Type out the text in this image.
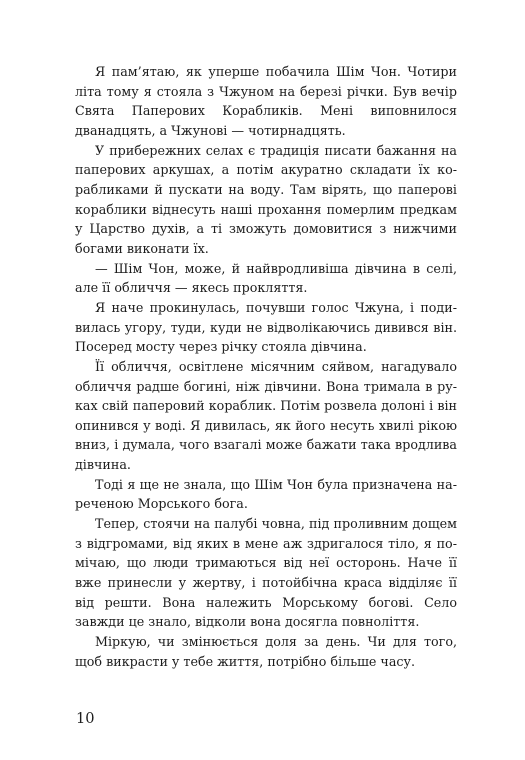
Я пам’ятаю, як уперше побачила Шім Чон. Чотири літа тому я стояла з Чжуном на березі річки. Був вечір Свята Паперових Корабликів. Мені виповнилося дванадцять, а Чжунові — чотирнадцять.

У прибережних селах є традиція писати бажання на паперових аркушах, а потім акуратно складати їх корабликами й пускати на воду. Там вірять, що паперові кораблики віднесуть наші прохання померлим предкам у Царство духів, а ті зможуть домовитися з нижчими богами виконати їх.

— Шім Чон, може, й найвродливіша дівчина в селі, але її обличчя — якесь прокляття.

Я наче прокинулась, почувши голос Чжуна, і подивилась угору, туди, куди не відволікаючись дивився він. Посеред мосту через річку стояла дівчина.

Її обличчя, освітлене місячним сяйвом, нагадувало обличчя радше богині, ніж дівчини. Вона тримала в руках свій паперовий кораблик. Потім розвела долоні і він опинився у воді. Я дивилась, як його несуть хвилі рікою вниз, і думала, чого взагалі може бажати така вродлива дівчина.

Тоді я ще не знала, що Шім Чон була призначена нареченою Морського бога.

Тепер, стоячи на палубі човна, під проливним дощем з відгромами, від яких в мене аж здригалося тіло, я помічаю, що люди тримаються від неї осторонь. Наче її вже принесли у жертву, і потойбічна краса відділяє її від решти. Вона належить Морському богові. Село завжди це знало, відколи вона досягла повноліття.

Міркую, чи змінюється доля за день. Чи для того, щоб викрасти у тебе життя, потрібно більше часу.

10
